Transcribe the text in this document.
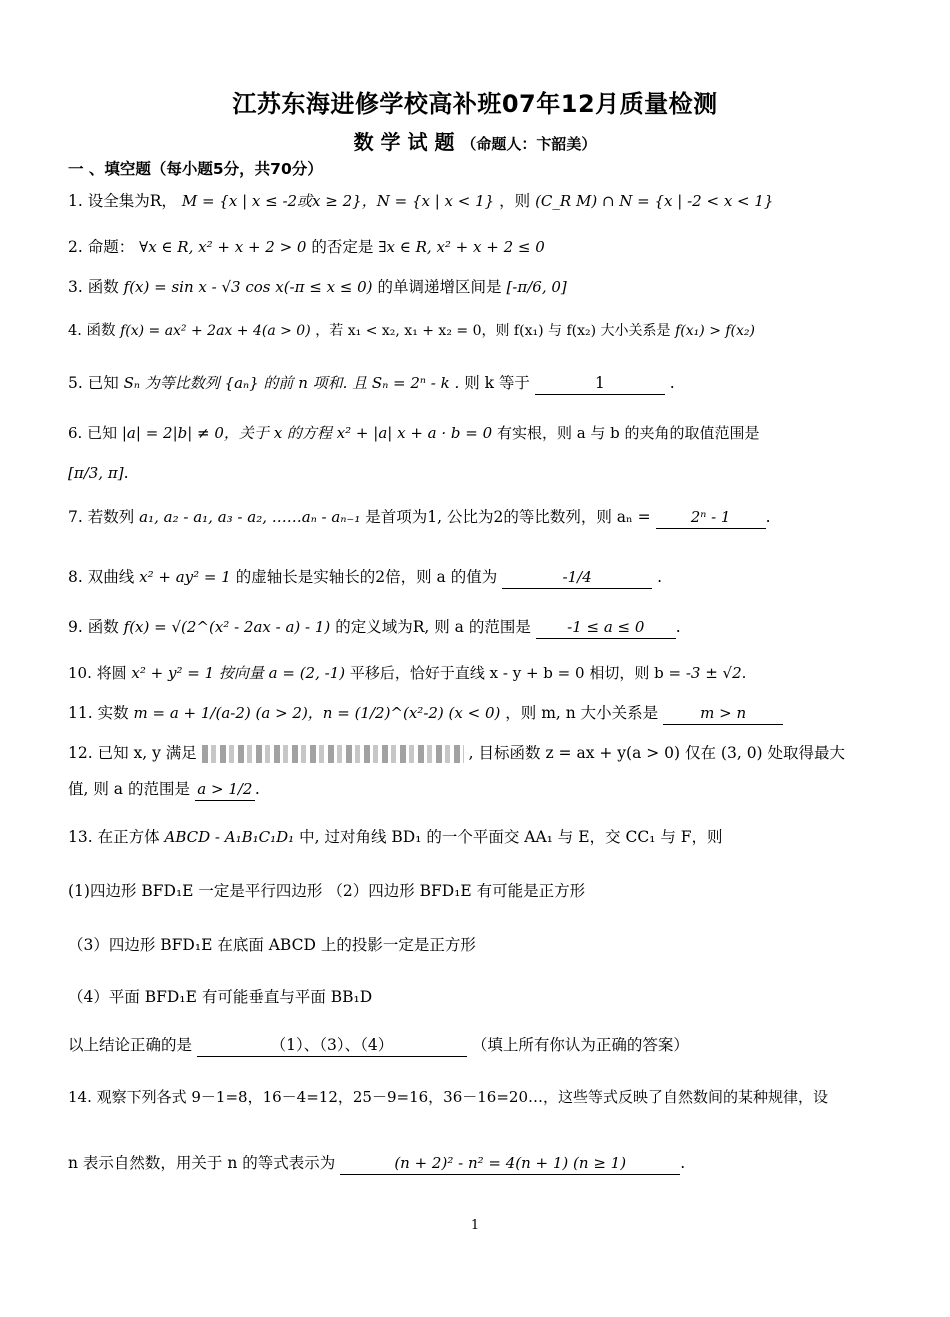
江苏东海进修学校高补班07年12月质量检测
数 学 试 题 （命题人：卞韶美）
一 、填空题（每小题5分，共70分）
1. 设全集为R， M = {x | x ≤ -2或x ≥ 2}，N = {x | x < 1} ，则 (C_R M) ∩ N = {x | -2 < x < 1}
2. 命题： ∀x ∈ R, x² + x + 2 > 0 的否定是 ∃x ∈ R, x² + x + 2 ≤ 0
3. 函数 f(x) = sin x - √3 cos x(-π ≤ x ≤ 0) 的单调递增区间是 [-π/6, 0]
4. 函数 f(x) = ax² + 2ax + 4(a > 0) ，若 x₁ < x₂, x₁ + x₂ = 0，则 f(x₁) 与 f(x₂) 大小关系是 f(x₁) > f(x₂)
5. 已知 Sₙ 为等比数列 {aₙ} 的前 n 项和. 且 Sₙ = 2ⁿ - k . 则 k 等于	1	.
6. 已知 |a| = 2|b| ≠ 0，关于 x 的方程 x² + |a| x + a · b = 0 有实根，则 a 与 b 的夹角的取值范围是
[π/3, π].
7. 若数列 a₁, a₂ - a₁, a₃ - a₂, ……aₙ - aₙ₋₁ 是首项为1, 公比为2的等比数列，则 aₙ =	2ⁿ - 1 .
8. 双曲线 x² + ay² = 1 的虚轴长是实轴长的2倍，则 a 的值为	-1/4	.
9. 函数 f(x) = √(2^(x² - 2ax - a) - 1) 的定义域为R, 则 a 的范围是 -1 ≤ a ≤ 0 .
10. 将圆 x² + y² = 1 按向量 a = (2, -1) 平移后，恰好于直线 x - y + b = 0 相切，则 b = -3 ± √2.
11. 实数 m = a + 1/(a-2) (a > 2)，n = (1/2)^(x²-2) (x < 0) ，则 m, n 大小关系是	m > n
12. 已知 x, y 满足	, 目标函数 z = ax + y(a > 0) 仅在 (3, 0) 处取得最大
值, 则 a 的范围是 a > 1/2 .
13. 在正方体 ABCD - A₁B₁C₁D₁ 中, 过对角线 BD₁ 的一个平面交 AA₁ 与 E，交 CC₁ 与 F，则
(1)四边形 BFD₁E 一定是平行四边形 （2）四边形 BFD₁E 有可能是正方形
（3）四边形 BFD₁E 在底面 ABCD 上的投影一定是正方形
（4）平面 BFD₁E 有可能垂直与平面 BB₁D
以上结论正确的是	（1）、（3）、（4）	（填上所有你认为正确的答案）
14. 观察下列各式 9－1=8，16－4=12，25－9=16，36－16=20…，这些等式反映了自然数间的某种规律，设
n 表示自然数，用关于 n 的等式表示为	(n + 2)² - n² = 4(n + 1) (n ≥ 1)	.
1
